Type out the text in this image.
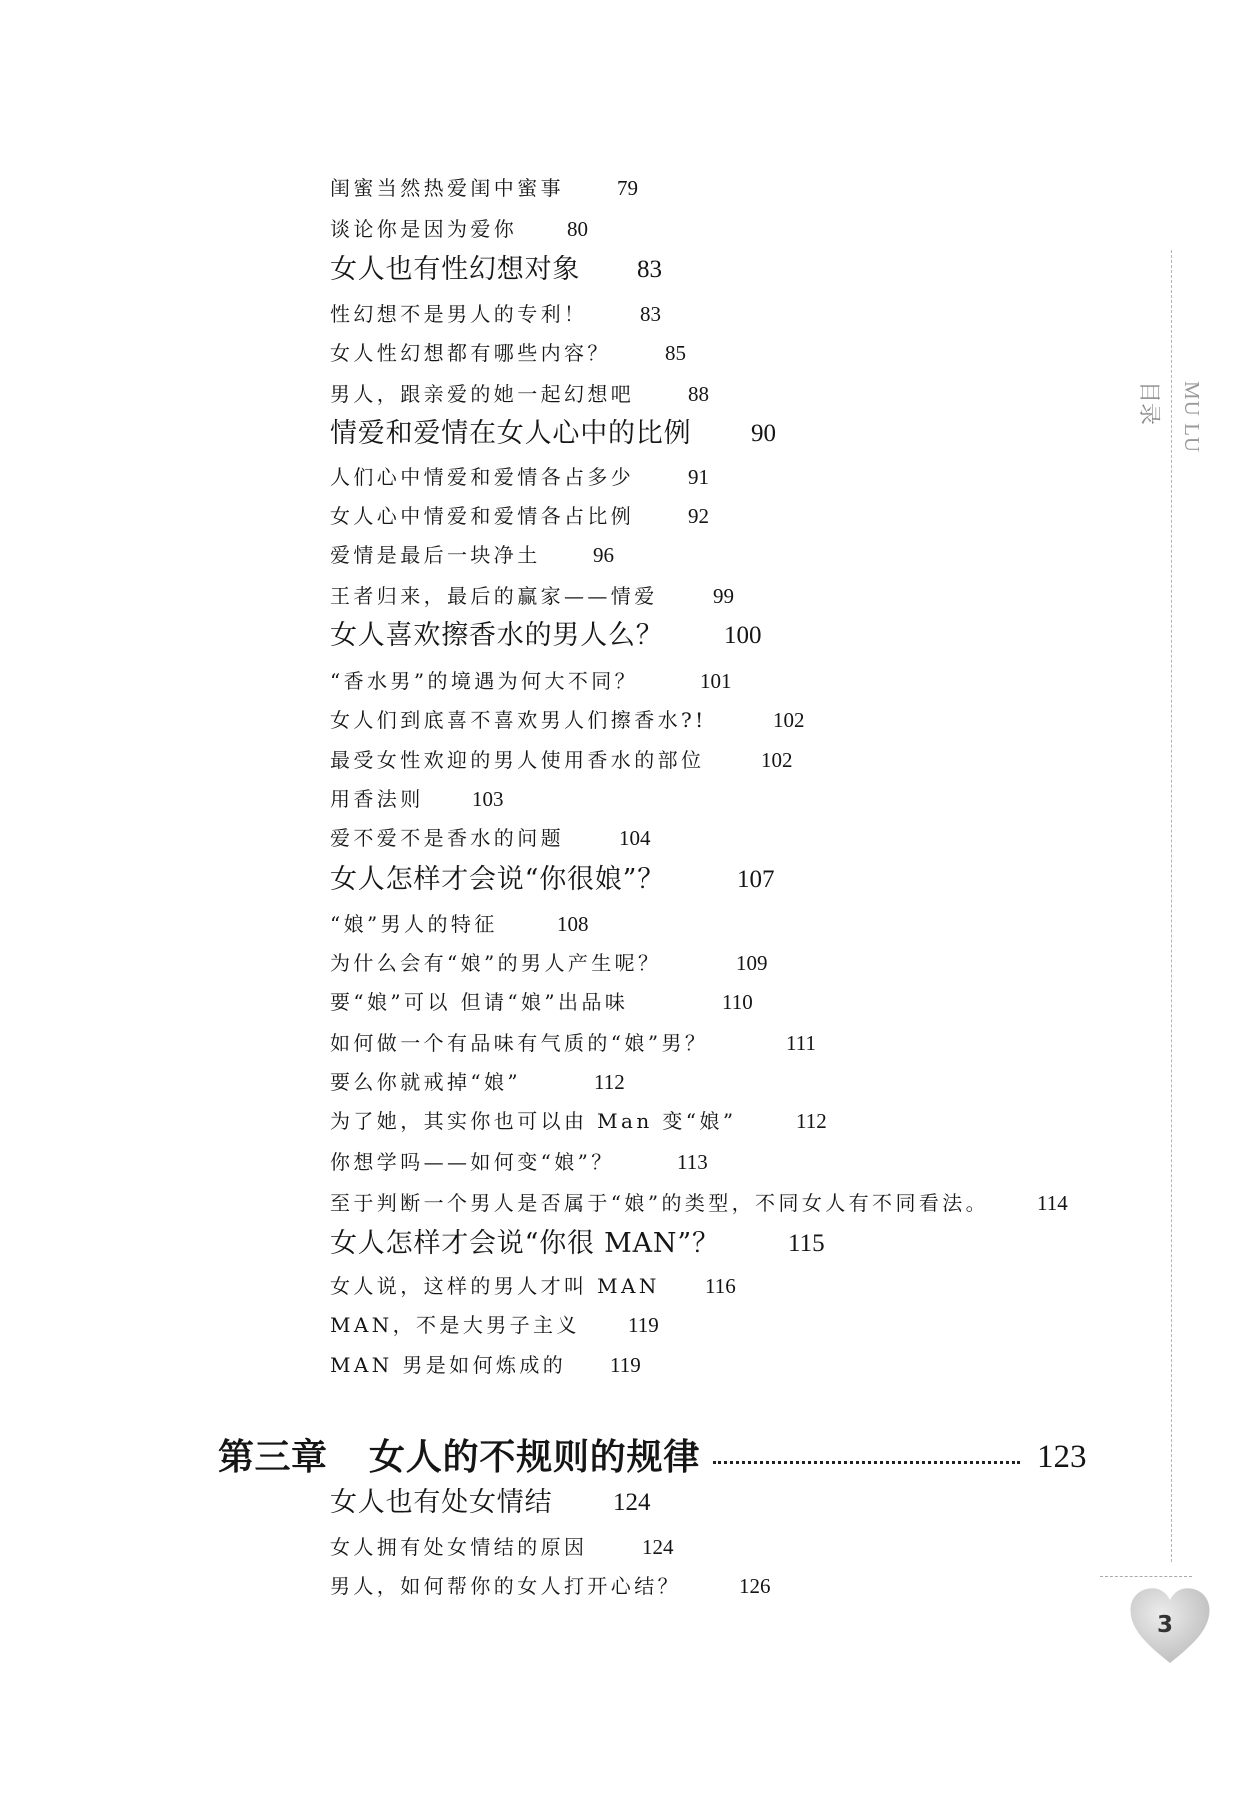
闺蜜当然热爱闺中蜜事	79
谈论你是因为爱你 80
女人也有性幻想对象 83
性幻想不是男人的专利！	83
女人性幻想都有哪些内容？	85
男人，跟亲爱的她一起幻想吧	88
情爱和爱情在女人心中的比例 90
人们心中情爱和爱情各占多少	91
女人心中情爱和爱情各占比例	92
爱情是最后一块净土 96
王者归来，最后的赢家——情爱	99
女人喜欢擦香水的男人么？ 100
“香水男”的境遇为何大不同？	101
女人们到底喜不喜欢男人们擦香水?!	102
最受女性欢迎的男人使用香水的部位	102
用香法则 103
爱不爱不是香水的问题	104
女人怎样才会说“你很娘”？	107
“娘”男人的特征	108
为什么会有“娘”的男人产生呢？	109
要“娘”可以 但请“娘”出品味	110
如何做一个有品味有气质的“娘”男？	111
要么你就戒掉“娘”	112
为了她，其实你也可以由 Man 变“娘”	112
你想学吗——如何变“娘”？	113
至于判断一个男人是否属于“娘”的类型，不同女人有不同看法。 114
女人怎样才会说“你很 MAN”？	115
女人说，这样的男人才叫 MAN 116
MAN，不是大男子主义 119
MAN 男是如何炼成的 119
第三章 女人的不规则的规律	123
女人也有处女情结 124
女人拥有处女情结的原因	124
男人，如何帮你的女人打开心结？	126
目录 MU LU
3
